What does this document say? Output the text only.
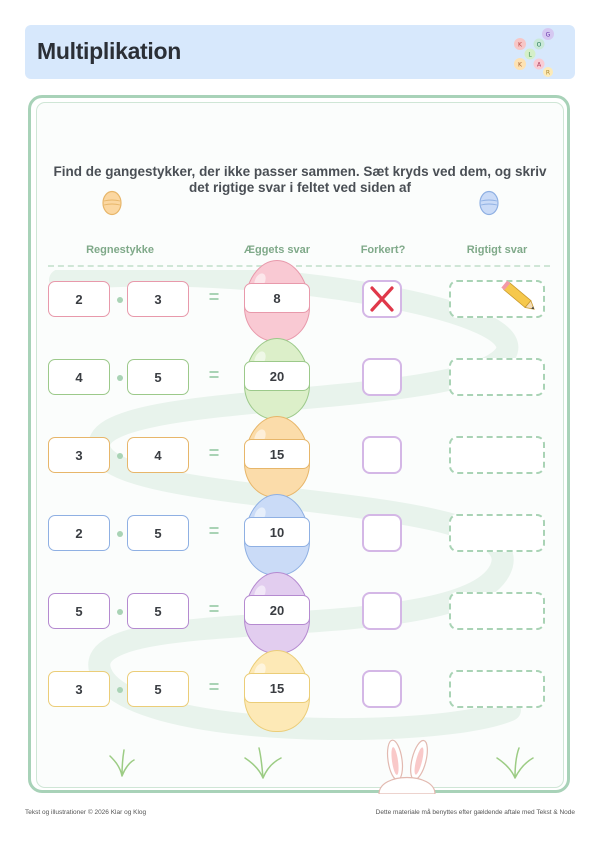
Multiplikation	K
G
L
O
K A
R
Find de gangestykker, der ikke passer sammen. Sæt kryds ved dem, og skriv det rigtige svar i feltet ved siden af
Regnestykke	Æggets svar	Forkert?	Rigtigt svar
2	3	=	8
4	5	=	20
3	4	=	15
2	5	=	10
5	5	=	20
3	5	=	15
Tekst og illustrationer © 2026 Klar og Klog	Dette materiale må benyttes efter gældende aftale med Tekst & Node
